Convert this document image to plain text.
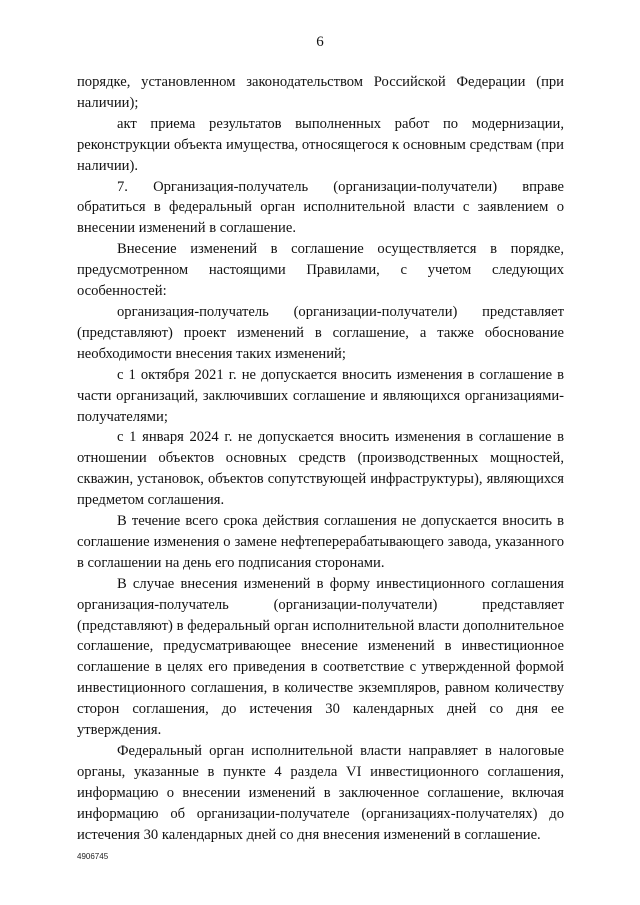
6

порядке, установленном законодательством Российской Федерации (при наличии);

акт приема результатов выполненных работ по модернизации, реконструкции объекта имущества, относящегося к основным средствам (при наличии).

7. Организация-получатель (организации-получатели) вправе обратиться в федеральный орган исполнительной власти с заявлением о внесении изменений в соглашение.

Внесение изменений в соглашение осуществляется в порядке, предусмотренном настоящими Правилами, с учетом следующих особенностей:

организация-получатель (организации-получатели) представляет (представляют) проект изменений в соглашение, а также обоснование необходимости внесения таких изменений;

с 1 октября 2021 г. не допускается вносить изменения в соглашение в части организаций, заключивших соглашение и являющихся организациями-получателями;

с 1 января 2024 г. не допускается вносить изменения в соглашение в отношении объектов основных средств (производственных мощностей, скважин, установок, объектов сопутствующей инфраструктуры), являющихся предметом соглашения.

В течение всего срока действия соглашения не допускается вносить в соглашение изменения о замене нефтеперерабатывающего завода, указанного в соглашении на день его подписания сторонами.

В случае внесения изменений в форму инвестиционного соглашения организация-получатель (организации-получатели) представляет (представляют) в федеральный орган исполнительной власти дополнительное соглашение, предусматривающее внесение изменений в инвестиционное соглашение в целях его приведения в соответствие с утвержденной формой инвестиционного соглашения, в количестве экземпляров, равном количеству сторон соглашения, до истечения 30 календарных дней со дня ее утверждения.

Федеральный орган исполнительной власти направляет в налоговые органы, указанные в пункте 4 раздела VI инвестиционного соглашения, информацию о внесении изменений в заключенное соглашение, включая информацию об организации-получателе (организациях-получателях) до истечения 30 календарных дней со дня внесения изменений в соглашение.

4906745
